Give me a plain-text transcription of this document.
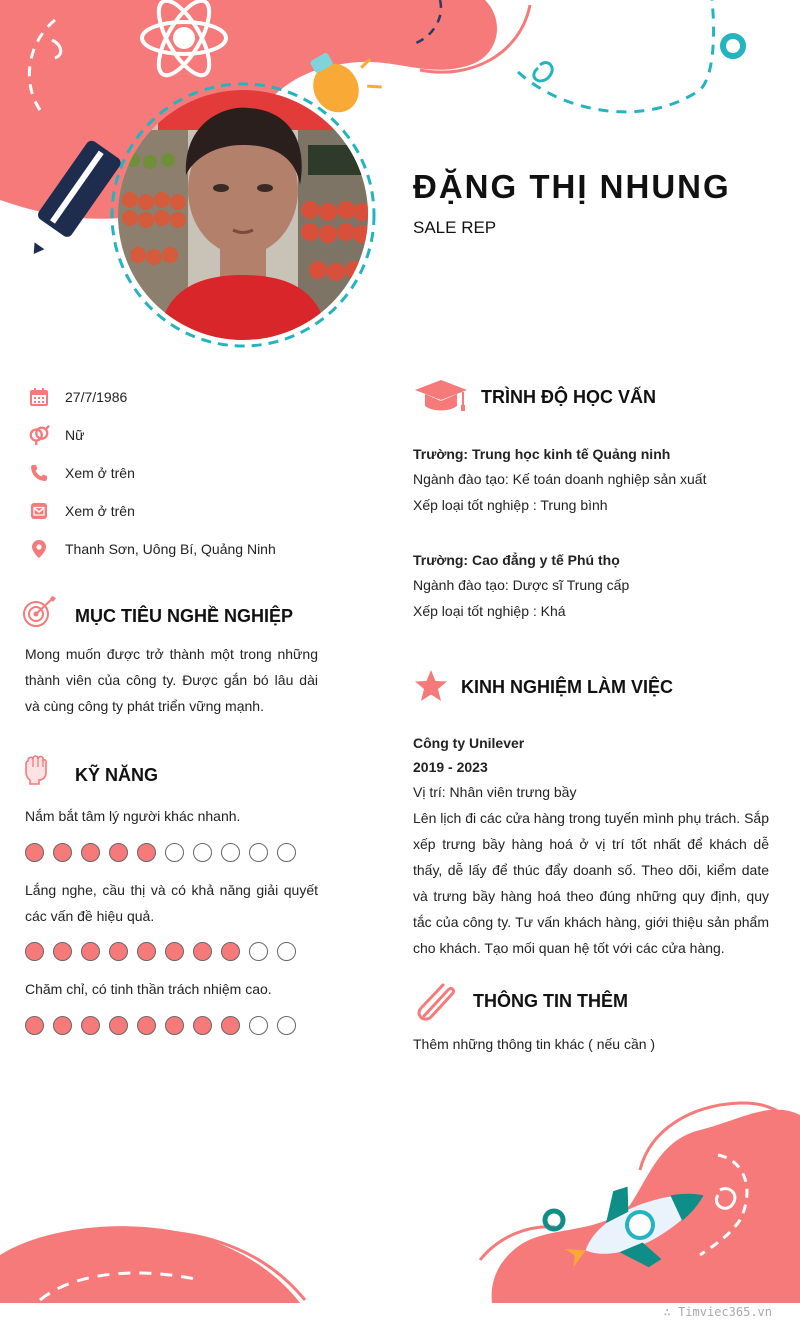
ĐẶNG THỊ NHUNG
SALE REP
27/7/1986
Nữ
Xem ở trên
Xem ở trên
Thanh Sơn, Uông Bí, Quảng Ninh
MỤC TIÊU NGHỀ NGHIỆP
Mong muốn được trở thành một trong những thành viên của công ty. Được gắn bó lâu dài và cùng công ty phát triển vững mạnh.
KỸ NĂNG
Nắm bắt tâm lý người khác nhanh.
Lắng nghe, cầu thị và có khả năng giải quyết các vấn đề hiệu quả.
Chăm chỉ, có tinh thần trách nhiệm cao.
TRÌNH ĐỘ HỌC VẤN
Trường: Trung học kinh tế Quảng ninh
Ngành đào tạo: Kế toán doanh nghiệp sản xuất
Xếp loại tốt nghiệp : Trung bình
Trường: Cao đẳng y tế Phú thọ
Ngành đào tạo: Dược sĩ Trung cấp
Xếp loại tốt nghiệp : Khá
KINH NGHIỆM LÀM VIỆC
Công ty Unilever
2019 - 2023
Vị trí: Nhân viên trưng bầy
Lên lịch đi các cửa hàng trong tuyến mình phụ trách. Sắp xếp trưng bầy hàng hoá ở vị trí tốt nhất để khách dễ thấy, dễ lấy để thúc đẩy doanh số. Theo dõi, kiểm date và trưng bầy hàng hoá theo đúng những quy định, quy tắc của công ty. Tư vấn khách hàng, giới thiệu sản phẩm cho khách. Tạo mối quan hệ tốt với các cửa hàng.
THÔNG TIN THÊM
Thêm những thông tin khác ( nếu cần )
∴ Timviec365.vn
